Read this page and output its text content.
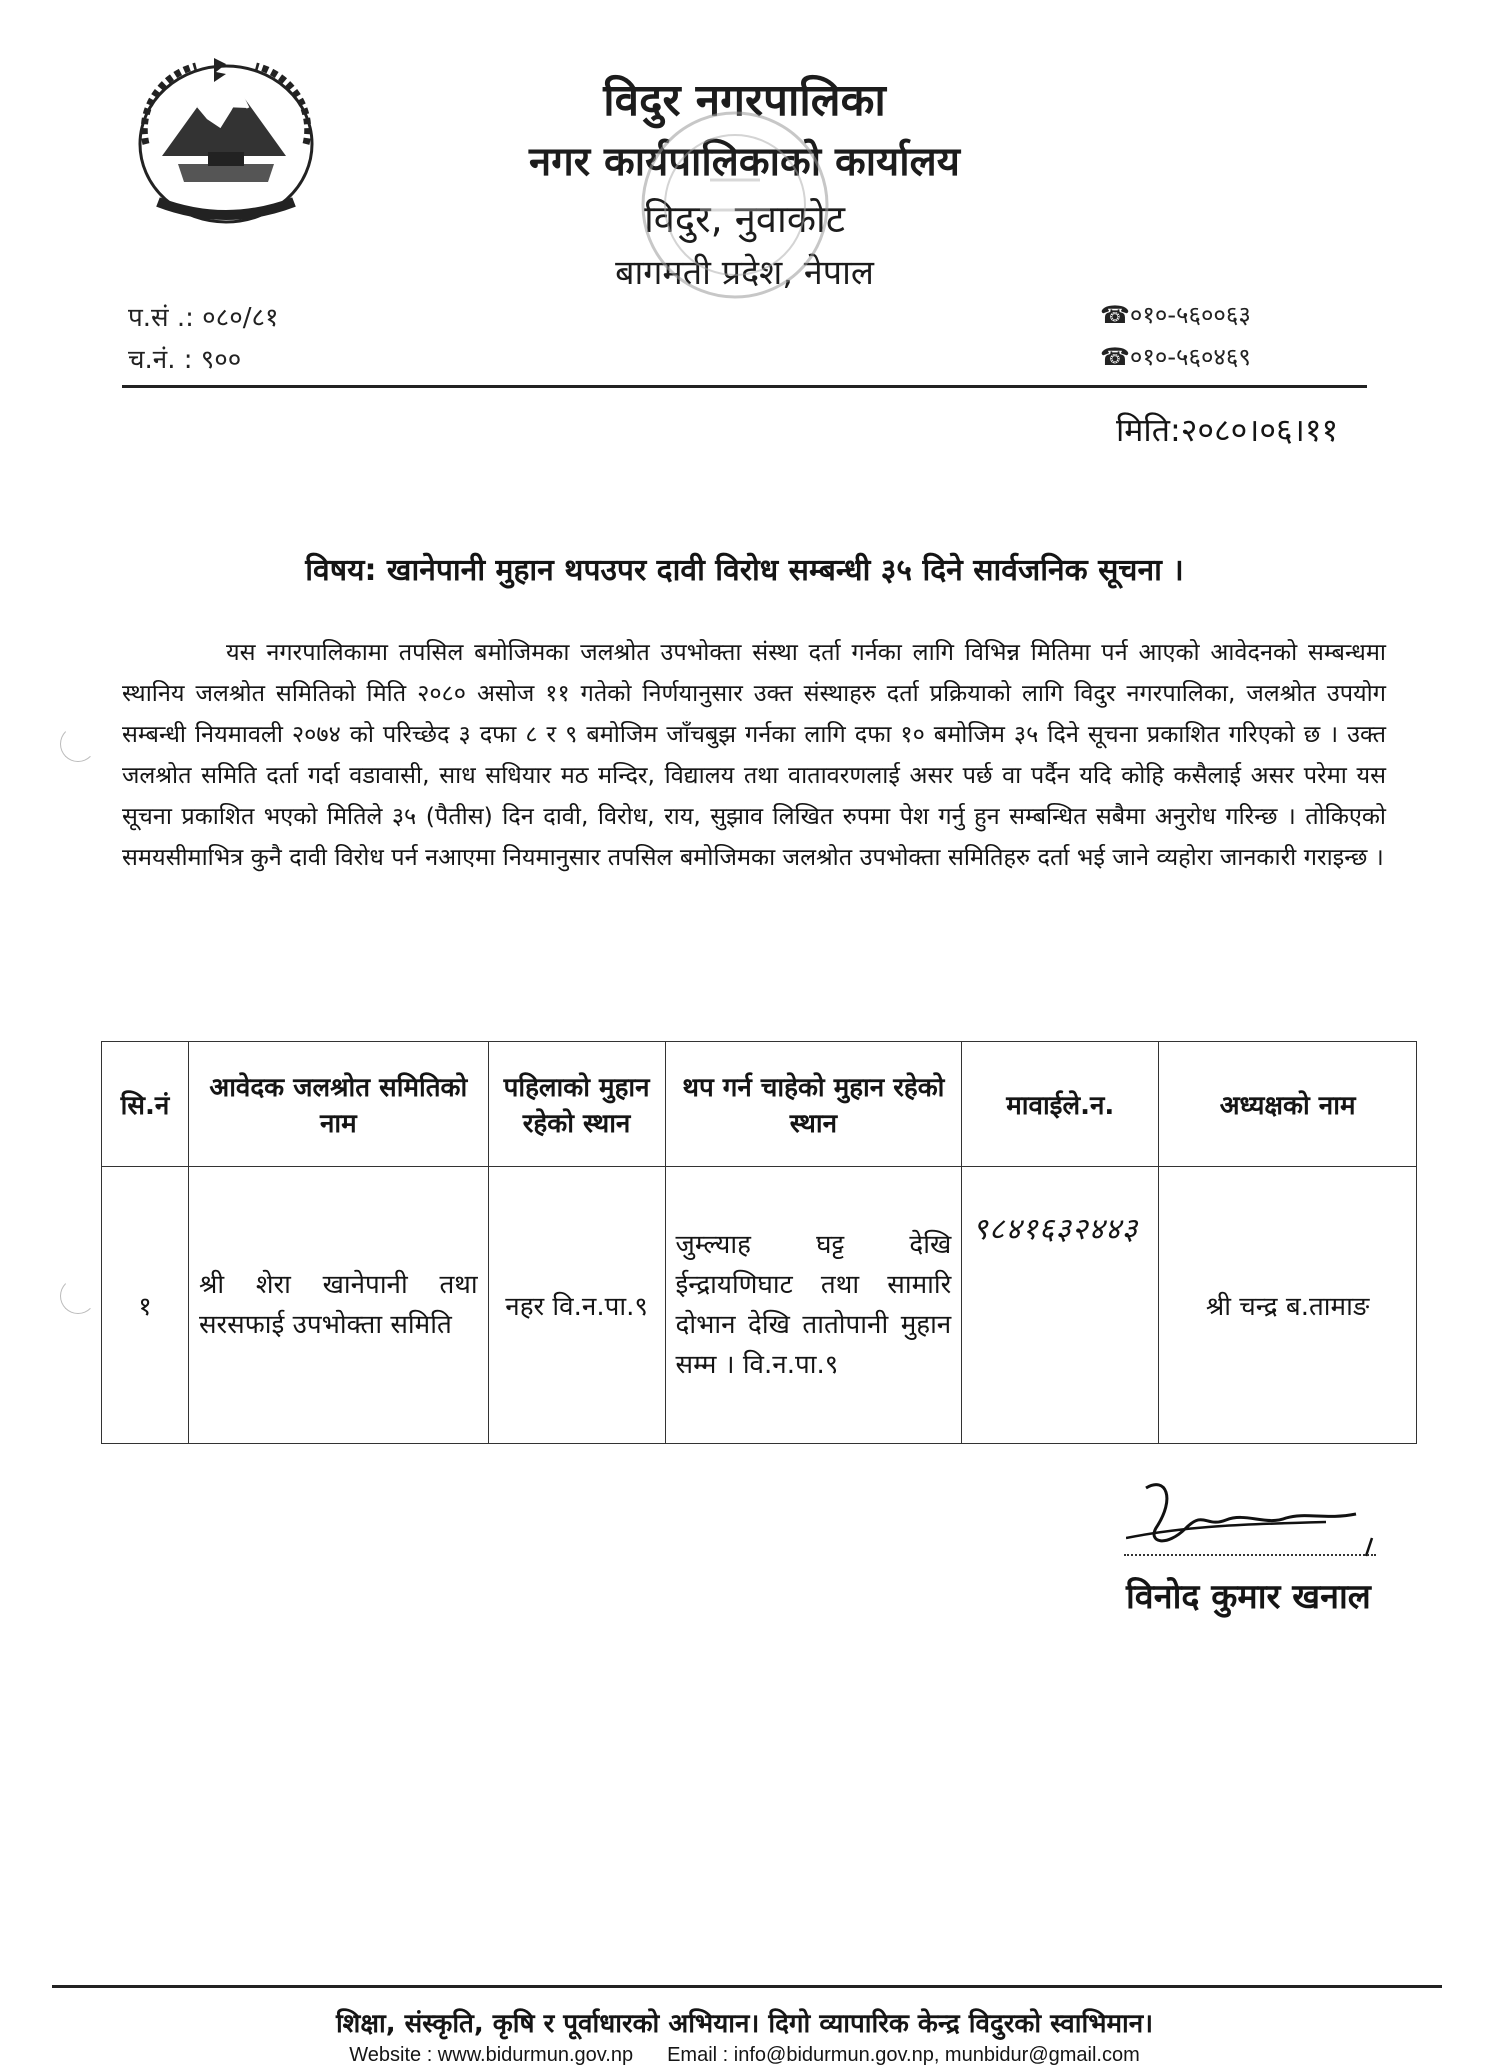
विदुर नगरपालिका
नगर कार्यपालिकाको कार्यालय
विदुर, नुवाकोट
बागमती प्रदेश, नेपाल
प.सं .: ०८०/८१
च.नं. : ९००
☎०१०-५६००६३
☎०१०-५६०४६९
मिति:२०८०।०६।११
विषय: खानेपानी मुहान थपउपर दावी विरोध सम्बन्धी ३५ दिने सार्वजनिक सूचना ।
यस नगरपालिकामा तपसिल बमोजिमका जलश्रोत उपभोक्ता संस्था दर्ता गर्नका लागि विभिन्न मितिमा पर्न आएको आवेदनको सम्बन्धमा स्थानिय जलश्रोत समितिको मिति २०८० असोज ११ गतेको निर्णयानुसार उक्त संस्थाहरु दर्ता प्रक्रियाको लागि विदुर नगरपालिका, जलश्रोत उपयोग सम्बन्धी नियमावली २०७४ को परिच्छेद ३ दफा ८ र ९ बमोजिम जाँचबुझ गर्नका लागि दफा १० बमोजिम ३५ दिने सूचना प्रकाशित गरिएको छ । उक्त जलश्रोत समिति दर्ता गर्दा वडावासी, साध सधियार मठ मन्दिर, विद्यालय तथा वातावरणलाई असर पर्छ वा पर्दैन यदि कोहि कसैलाई असर परेमा यस सूचना प्रकाशित भएको मितिले ३५ (पैतीस) दिन दावी, विरोध, राय, सुझाव लिखित रुपमा पेश गर्नु हुन सम्बन्धित सबैमा अनुरोध गरिन्छ । तोकिएको समयसीमाभित्र कुनै दावी विरोध पर्न नआएमा नियमानुसार तपसिल बमोजिमका जलश्रोत उपभोक्ता समितिहरु दर्ता भई जाने व्यहोरा जानकारी गराइन्छ ।
सि.नं	आवेदक जलश्रोत समितिको नाम	पहिलाको मुहान रहेको स्थान	थप गर्न चाहेको मुहान रहेको स्थान	मावाईले.न.	अध्यक्षको नाम
१	श्री शेरा खानेपानी तथा सरसफाई उपभोक्ता समिति	नहर वि.न.पा.९	जुम्ल्याह घट्ट देखि ईन्द्रायणिघाट तथा सामारि दोभान देखि तातोपानी मुहान सम्म । वि.न.पा.९	९८४१६३२४४३	श्री चन्द्र ब.तामाङ
विनोद कुमार खनाल
शिक्षा, संस्कृति, कृषि र पूर्वाधारको अभियान। दिगो व्यापारिक केन्द्र विदुरको स्वाभिमान।
Website : www.bidurmun.gov.np Email : info@bidurmun.gov.np, munbidur@gmail.com
